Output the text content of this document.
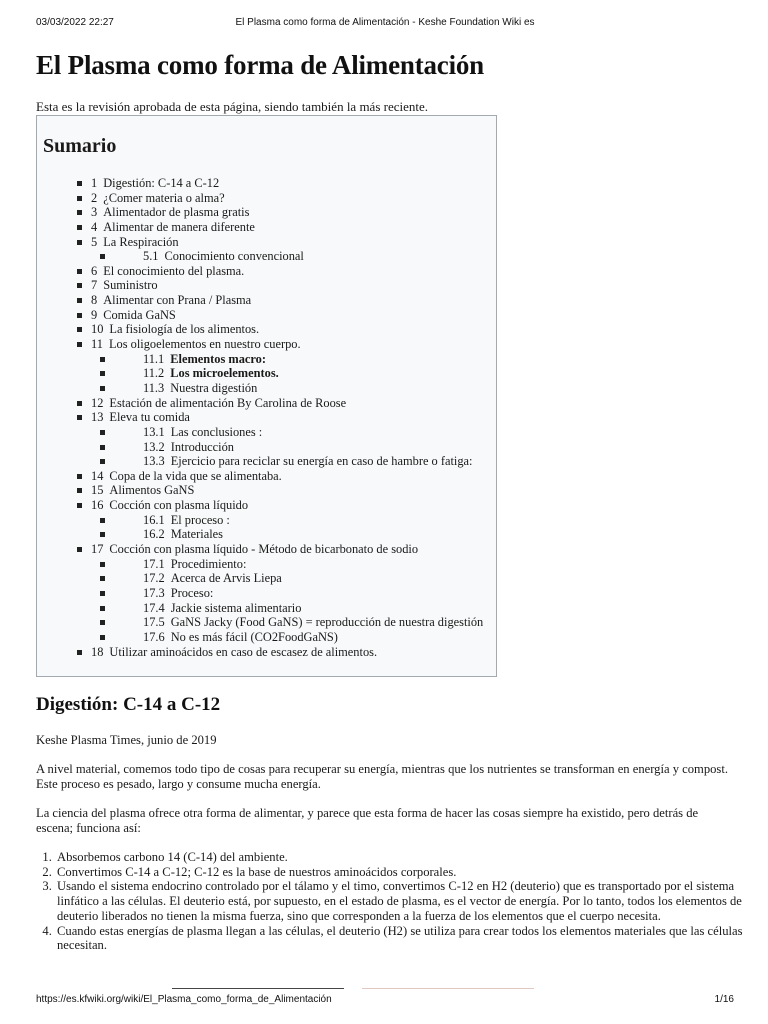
03/03/2022 22:27	El Plasma como forma de Alimentación - Keshe Foundation Wiki es
El Plasma como forma de Alimentación
Esta es la revisión aprobada de esta página, siendo también la más reciente.
Sumario
1 Digestión: C-14 a C-12
2 ¿Comer materia o alma?
3 Alimentador de plasma gratis
4 Alimentar de manera diferente
5 La Respiración
5.1 Conocimiento convencional
6 El conocimiento del plasma.
7 Suministro
8 Alimentar con Prana / Plasma
9 Comida GaNS
10 La fisiología de los alimentos.
11 Los oligoelementos en nuestro cuerpo.
11.1 Elementos macro:
11.2 Los microelementos.
11.3 Nuestra digestión
12 Estación de alimentación By Carolina de Roose
13 Eleva tu comida
13.1 Las conclusiones :
13.2 Introducción
13.3 Ejercicio para reciclar su energía en caso de hambre o fatiga:
14 Copa de la vida que se alimentaba.
15 Alimentos GaNS
16 Cocción con plasma líquido
16.1 El proceso :
16.2 Materiales
17 Cocción con plasma líquido - Método de bicarbonato de sodio
17.1 Procedimiento:
17.2 Acerca de Arvis Liepa
17.3 Proceso:
17.4 Jackie sistema alimentario
17.5 GaNS Jacky (Food GaNS) = reproducción de nuestra digestión
17.6 No es más fácil (CO2FoodGaNS)
18 Utilizar aminoácidos en caso de escasez de alimentos.
Digestión: C-14 a C-12

Keshe Plasma Times, junio de 2019

A nivel material, comemos todo tipo de cosas para recuperar su energía, mientras que los nutrientes se transforman en energía y compost. Este proceso es pesado, largo y consume mucha energía.

La ciencia del plasma ofrece otra forma de alimentar, y parece que esta forma de hacer las cosas siempre ha existido, pero detrás de escena; funciona así:

1. Absorbemos carbono 14 (C-14) del ambiente.
2. Convertimos C-14 a C-12; C-12 es la base de nuestros aminoácidos corporales.
3. Usando el sistema endocrino controlado por el tálamo y el timo, convertimos C-12 en H2 (deuterio) que es transportado por el sistema linfático a las células. El deuterio está, por supuesto, en el estado de plasma, es el vector de energía. Por lo tanto, todos los elementos de deuterio liberados no tienen la misma fuerza, sino que corresponden a la fuerza de los elementos que el cuerpo necesita.
4. Cuando estas energías de plasma llegan a las células, el deuterio (H2) se utiliza para crear todos los elementos materiales que las células necesitan.
https://es.kfwiki.org/wiki/El_Plasma_como_forma_de_Alimentación	1/16
